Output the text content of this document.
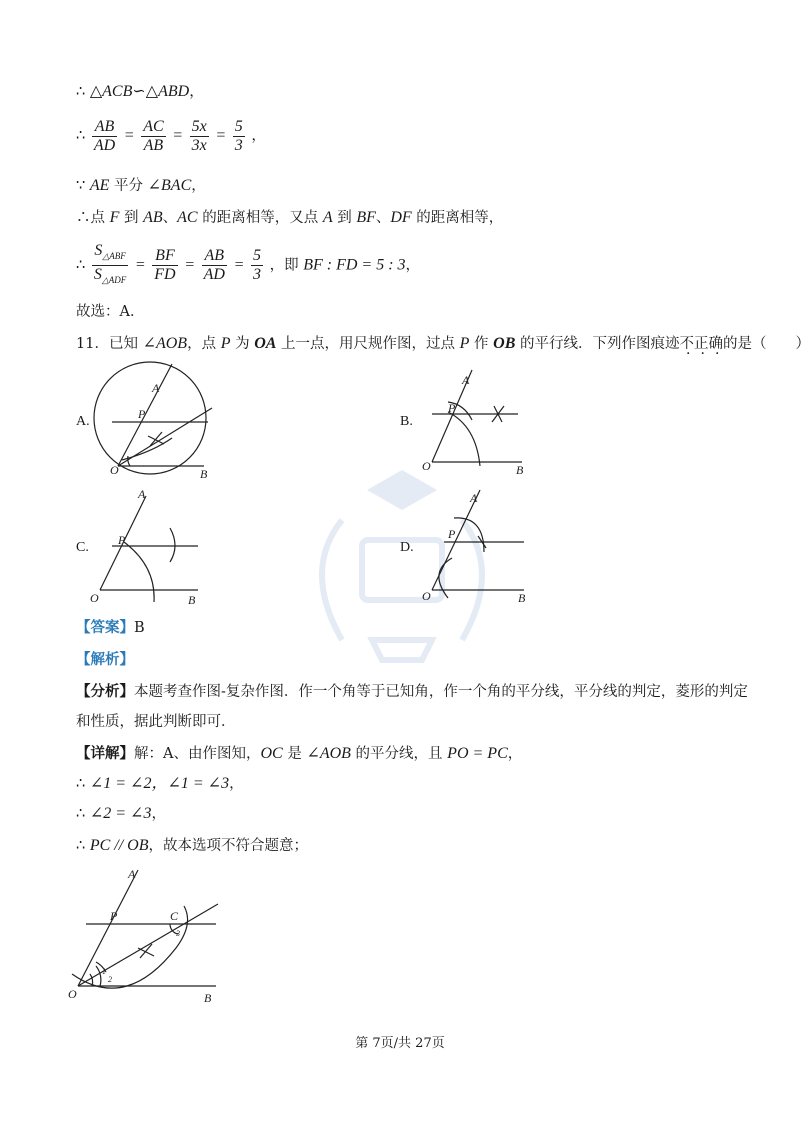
∴ △ACB∽△ABD，
∴ $\frac{AB}{AD} = \frac{AC}{AB} = \frac{5x}{3x} = \frac{5}{3}$ ，
∵ AE 平分 ∠BAC，
∴点 F 到 AB、AC 的距离相等，又点 A 到 BF、DF 的距离相等，
∴ $\frac{S_{\triangle ABF}}{S_{\triangle ADF}} = \frac{BF}{FD} = \frac{AB}{AD} = \frac{5}{3}$ ，即 BF : FD = 5 : 3，
故选：A．
11．已知 ∠AOB，点 P 为 OA 上一点，用尺规作图，过点 P 作 OB 的平行线．下列作图痕迹不正确的是（　　）
A.	B.
C.	D.
A
P
O	B
A
P
O	B
A
P
O	B
A
P
O	B
【答案】B
【解析】
【分析】本题考查作图-复杂作图．作一个角等于已知角，作一个角的平分线，平分线的判定，菱形的判定
和性质，据此判断即可．
【详解】解：A、由作图知，OC 是 ∠AOB 的平分线，且 PO = PC，
∴ ∠1 = ∠2，∠1 = ∠3，
∴ ∠2 = ∠3，
∴ PC // OB，故本选项不符合题意；
A
P	C
O	B
1
2
3
第 7页/共 27页
